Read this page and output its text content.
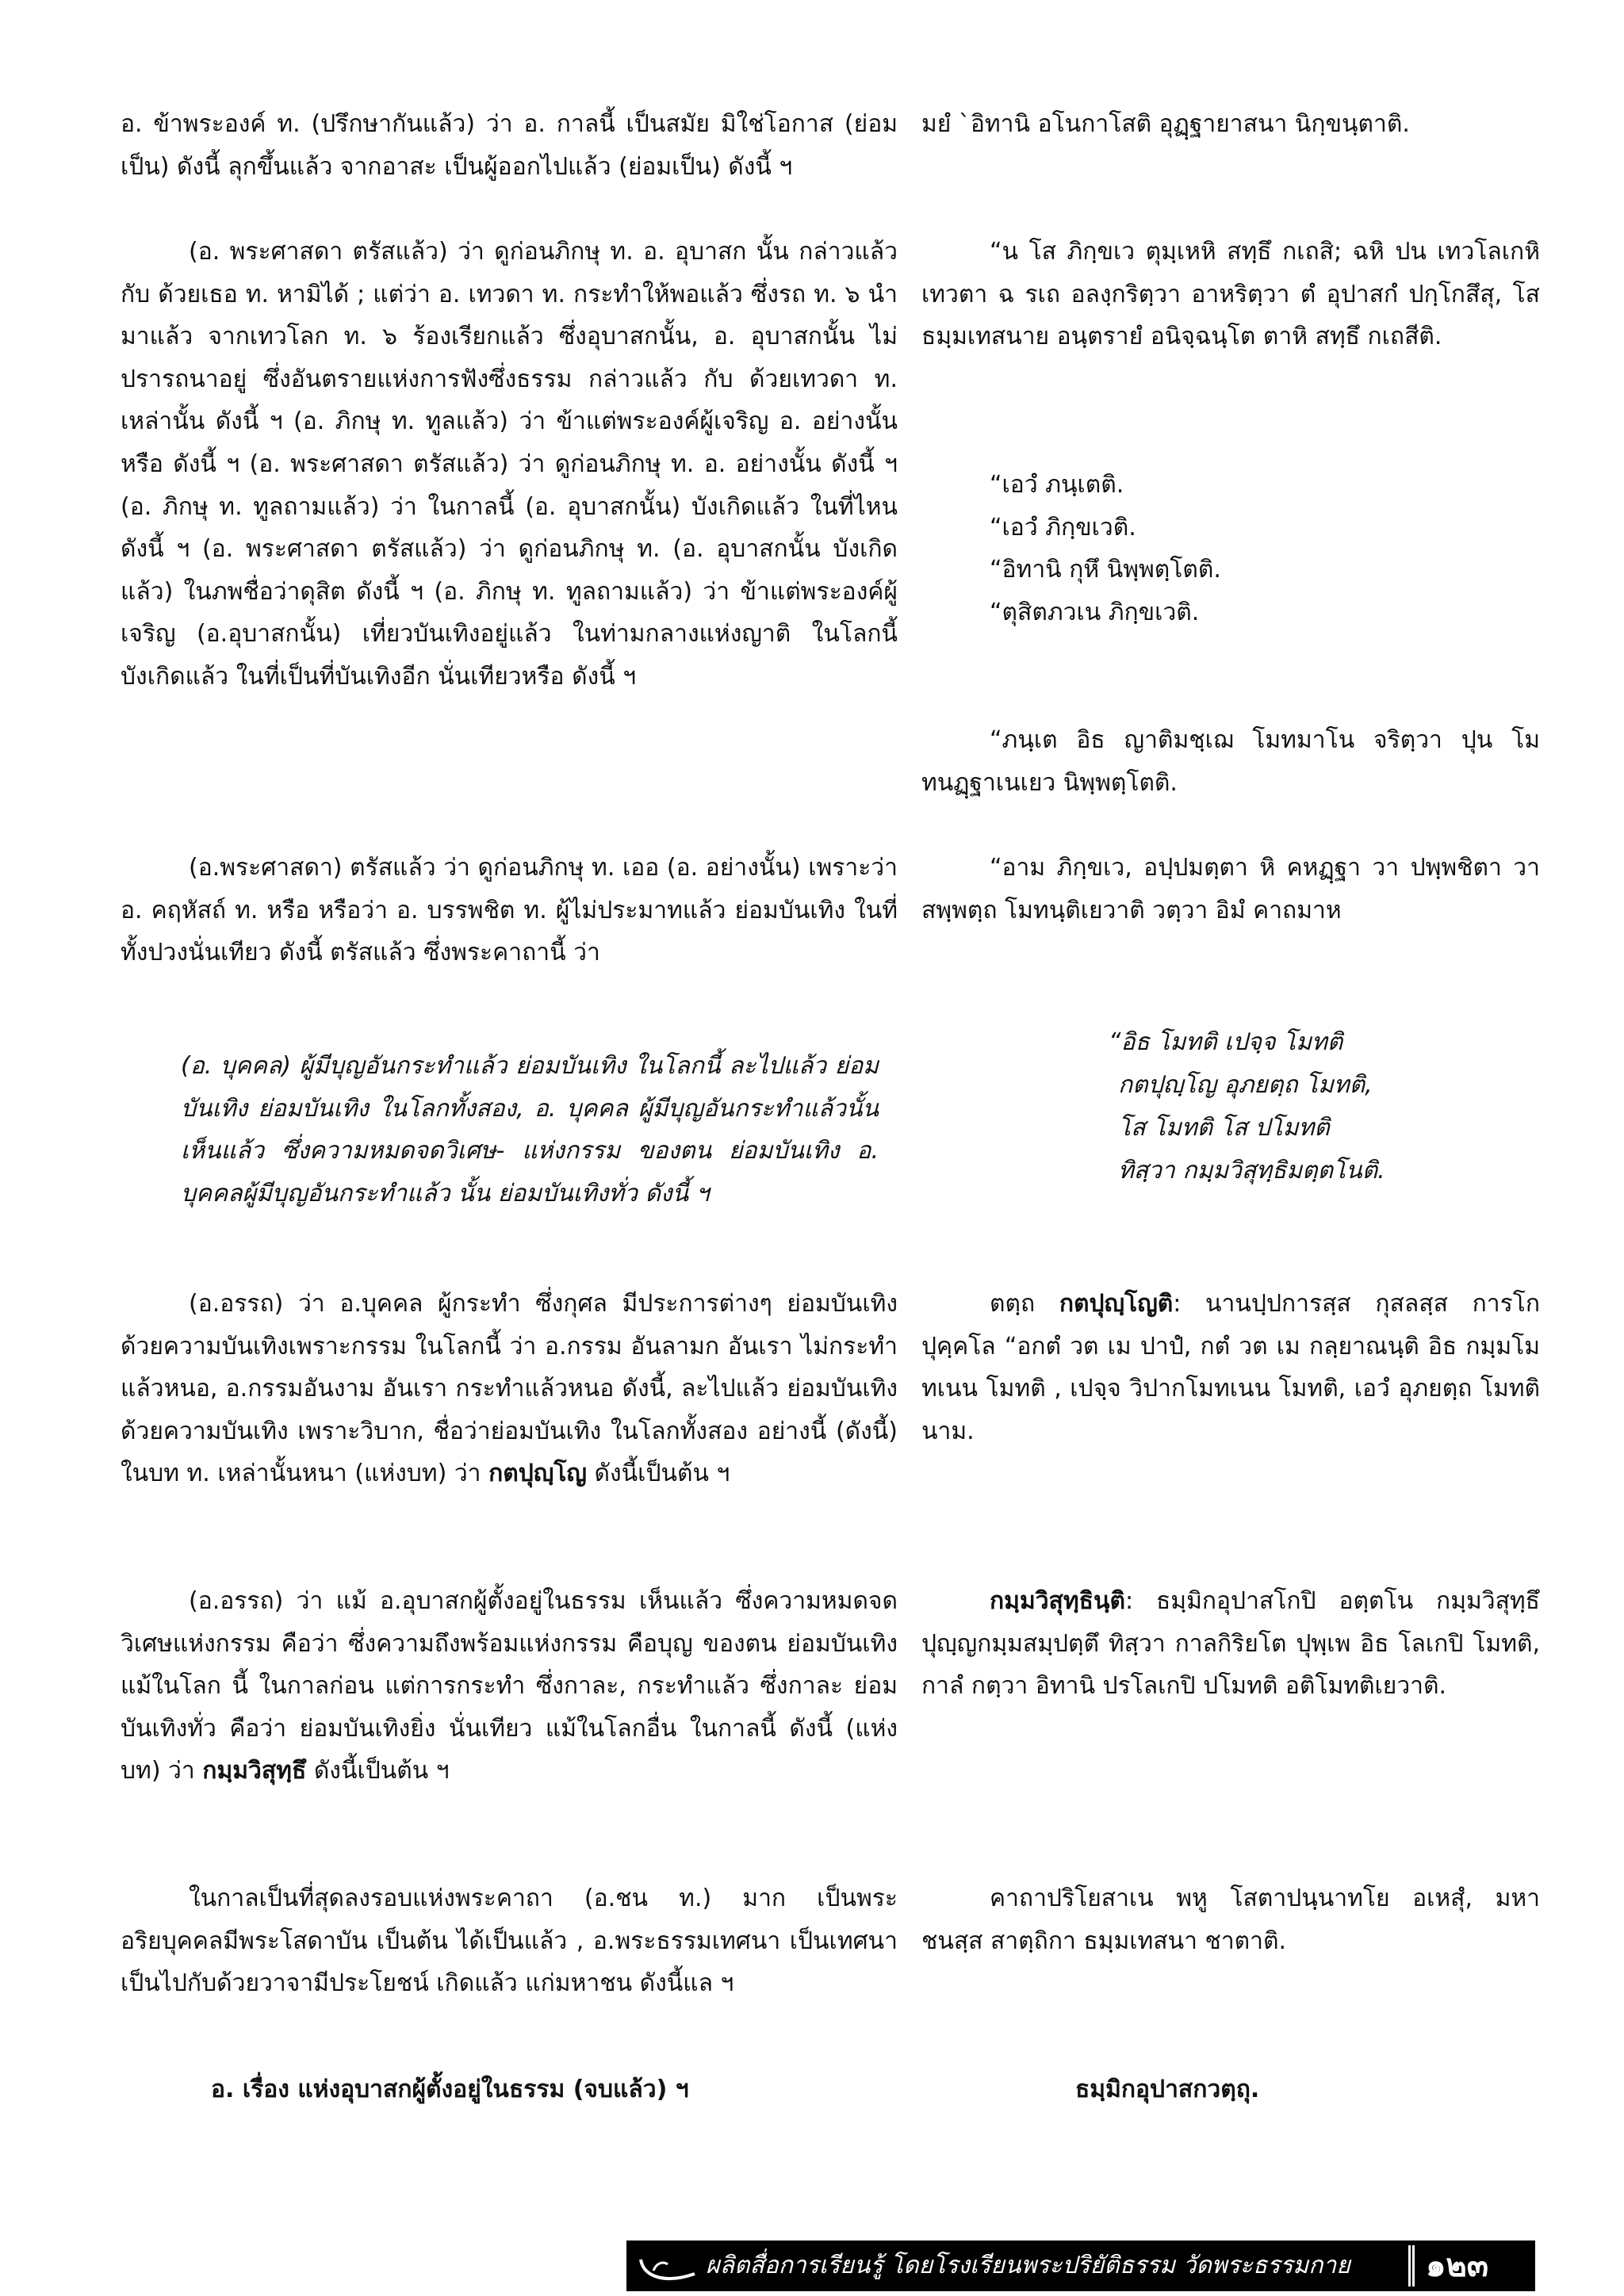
อ. ข้าพระองค์ ท. (ปรึกษากันแล้ว) ว่า อ. กาลนี้ เป็นสมัย มิใช่โอกาส (ย่อมเป็น) ดังนี้ ลุกขึ้นแล้ว จากอาสะ เป็นผู้ออกไปแล้ว (ย่อมเป็น) ดังนี้ ฯ

(อ. พระศาสดา ตรัสแล้ว) ว่า ดูก่อนภิกษุ ท. อ. อุบาสก นั้น กล่าวแล้ว กับ ด้วยเธอ ท. หามิได้ ; แต่ว่า อ. เทวดา ท. กระทำให้พอแล้ว ซึ่งรถ ท. ๖ นำมาแล้ว จากเทวโลก ท. ๖ ร้องเรียกแล้ว ซึ่งอุบาสกนั้น, อ. อุบาสกนั้น ไม่ปรารถนาอยู่ ซึ่งอันตรายแห่งการฟังซึ่งธรรม กล่าวแล้ว กับ ด้วยเทวดา ท. เหล่านั้น ดังนี้ ฯ (อ. ภิกษุ ท. ทูลแล้ว) ว่า ข้าแต่พระองค์ผู้เจริญ อ. อย่างนั้นหรือ ดังนี้ ฯ (อ. พระศาสดา ตรัสแล้ว) ว่า ดูก่อนภิกษุ ท. อ. อย่างนั้น ดังนี้ ฯ (อ. ภิกษุ ท. ทูลถามแล้ว) ว่า ในกาลนี้ (อ. อุบาสกนั้น) บังเกิดแล้ว ในที่ไหน ดังนี้ ฯ (อ. พระศาสดา ตรัสแล้ว) ว่า ดูก่อนภิกษุ ท. (อ. อุบาสกนั้น บังเกิดแล้ว) ในภพชื่อว่าดุสิต ดังนี้ ฯ (อ. ภิกษุ ท. ทูลถามแล้ว) ว่า ข้าแต่พระองค์ผู้เจริญ (อ.อุบาสกนั้น) เที่ยวบันเทิงอยู่แล้ว ในท่ามกลางแห่งญาติ ในโลกนี้ บังเกิดแล้ว ในที่เป็นที่บันเทิงอีก นั่นเทียวหรือ ดังนี้ ฯ

(อ.พระศาสดา) ตรัสแล้ว ว่า ดูก่อนภิกษุ ท. เออ (อ. อย่างนั้น) เพราะว่า อ. คฤหัสถ์ ท. หรือ หรือว่า อ. บรรพชิต ท. ผู้ไม่ประมาทแล้ว ย่อมบันเทิง ในที่ทั้งปวงนั่นเทียว ดังนี้ ตรัสแล้ว ซึ่งพระคาถานี้ ว่า

(อ. บุคคล) ผู้มีบุญอันกระทำแล้ว ย่อมบันเทิง ในโลกนี้ ละไปแล้ว ย่อมบันเทิง ย่อมบันเทิง ในโลกทั้งสอง, อ. บุคคล ผู้มีบุญอันกระทำแล้วนั้น เห็นแล้ว ซึ่งความหมดจดวิเศษ- แห่งกรรม ของตน ย่อมบันเทิง อ. บุคคลผู้มีบุญอันกระทำแล้ว นั้น ย่อมบันเทิงทั่ว ดังนี้ ฯ

(อ.อรรถ) ว่า อ.บุคคล ผู้กระทำ ซึ่งกุศล มีประการต่างๆ ย่อมบันเทิง ด้วยความบันเทิงเพราะกรรม ในโลกนี้ ว่า อ.กรรม อันลามก อันเรา ไม่กระทำแล้วหนอ, อ.กรรมอันงาม อันเรา กระทำแล้วหนอ ดังนี้, ละไปแล้ว ย่อมบันเทิง ด้วยความบันเทิง เพราะวิบาก, ชื่อว่าย่อมบันเทิง ในโลกทั้งสอง อย่างนี้ (ดังนี้) ในบท ท. เหล่านั้นหนา (แห่งบท) ว่า กตปุญฺโญ ดังนี้เป็นต้น ฯ

(อ.อรรถ) ว่า แม้ อ.อุบาสกผู้ตั้งอยู่ในธรรม เห็นแล้ว ซึ่งความหมดจดวิเศษแห่งกรรม คือว่า ซึ่งความถึงพร้อมแห่งกรรม คือบุญ ของตน ย่อมบันเทิง แม้ในโลก นี้ ในกาลก่อน แต่การกระทำ ซึ่งกาละ, กระทำแล้ว ซึ่งกาละ ย่อมบันเทิงทั่ว คือว่า ย่อมบันเทิงยิ่ง นั่นเทียว แม้ในโลกอื่น ในกาลนี้ ดังนี้ (แห่งบท) ว่า กมฺมวิสุทฺธึ ดังนี้เป็นต้น ฯ

ในกาลเป็นที่สุดลงรอบแห่งพระคาถา (อ.ชน ท.) มาก เป็นพระอริยบุคคลมีพระโสดาบัน เป็นต้น ได้เป็นแล้ว , อ.พระธรรมเทศนา เป็นเทศนาเป็นไปกับด้วยวาจามีประโยชน์ เกิดแล้ว แก่มหาชน ดังนี้แล ฯ

มยํ `อิทานิ อโนกาโสติ อุฏฺฐายาสนา นิกฺขนฺตาติ.

“น โส ภิกฺขเว ตุมฺเหหิ สทฺธึ กเถสิ; ฉหิ ปน เทวโลเกหิ เทวตา ฉ รเถ อลงฺกริตฺวา อาหริตฺวา ตํ อุปาสกํ ปกฺโกสึสุ, โส ธมฺมเทสนาย อนฺตรายํ อนิจฺฉนฺโต ตาหิ สทฺธึ กเถสีติ.

“เอวํ ภนฺเตติ.
“เอวํ ภิกฺขเวติ.
“อิทานิ กุหึ นิพฺพตฺโตติ.
“ตุสิตภวเน ภิกฺขเวติ.

“ภนฺเต อิธ ญาติมชฺเฌ โมทมาโน จริตฺวา ปุน โมทนฏฺฐาเนเยว นิพฺพตฺโตติ.

“อาม ภิกฺขเว, อปฺปมตฺตา หิ คหฏฺฐา วา ปพฺพชิตา วา สพฺพตฺถ โมทนฺติเยวาติ วตฺวา อิมํ คาถมาห

“อิธ โมทติ เปจฺจ โมทติ
กตปุญฺโญ อุภยตฺถ โมทติ,
โส โมทติ โส ปโมทติ
ทิสฺวา กมฺมวิสุทฺธิมตฺตโนติ.

ตตฺถ กตปุญฺโญติ: นานปฺปการสฺส กุสลสฺส การโก ปุคฺคโล “อกตํ วต เม ปาปํ, กตํ วต เม กลฺยาณนฺติ อิธ กมฺมโมทเนน โมทติ , เปจฺจ วิปากโมทเนน โมทติ, เอวํ อุภยตฺถ โมทติ นาม.

กมฺมวิสุทฺธินฺติ: ธมฺมิกอุปาสโกปิ อตฺตโน กมฺมวิสุทฺธึ ปุญฺญกมฺมสมฺปตฺตึ ทิสฺวา กาลกิริยโต ปุพฺเพ อิธ โลเกปิ โมทติ, กาลํ กตฺวา อิทานิ ปรโลเกปิ ปโมทติ อติโมทติเยวาติ.

คาถาปริโยสาเน พหู โสตาปนฺนาทโย อเหสุํ, มหาชนสฺส สาตฺถิกา ธมฺมเทสนา ชาตาติ.

อ. เรื่อง แห่งอุบาสกผู้ตั้งอยู่ในธรรม (จบแล้ว) ฯ	ธมฺมิกอุปาสกวตฺถุ.
ผลิตสื่อการเรียนรู้ โดยโรงเรียนพระปริยัติธรรม วัดพระธรรมกาย ๑๒๓
